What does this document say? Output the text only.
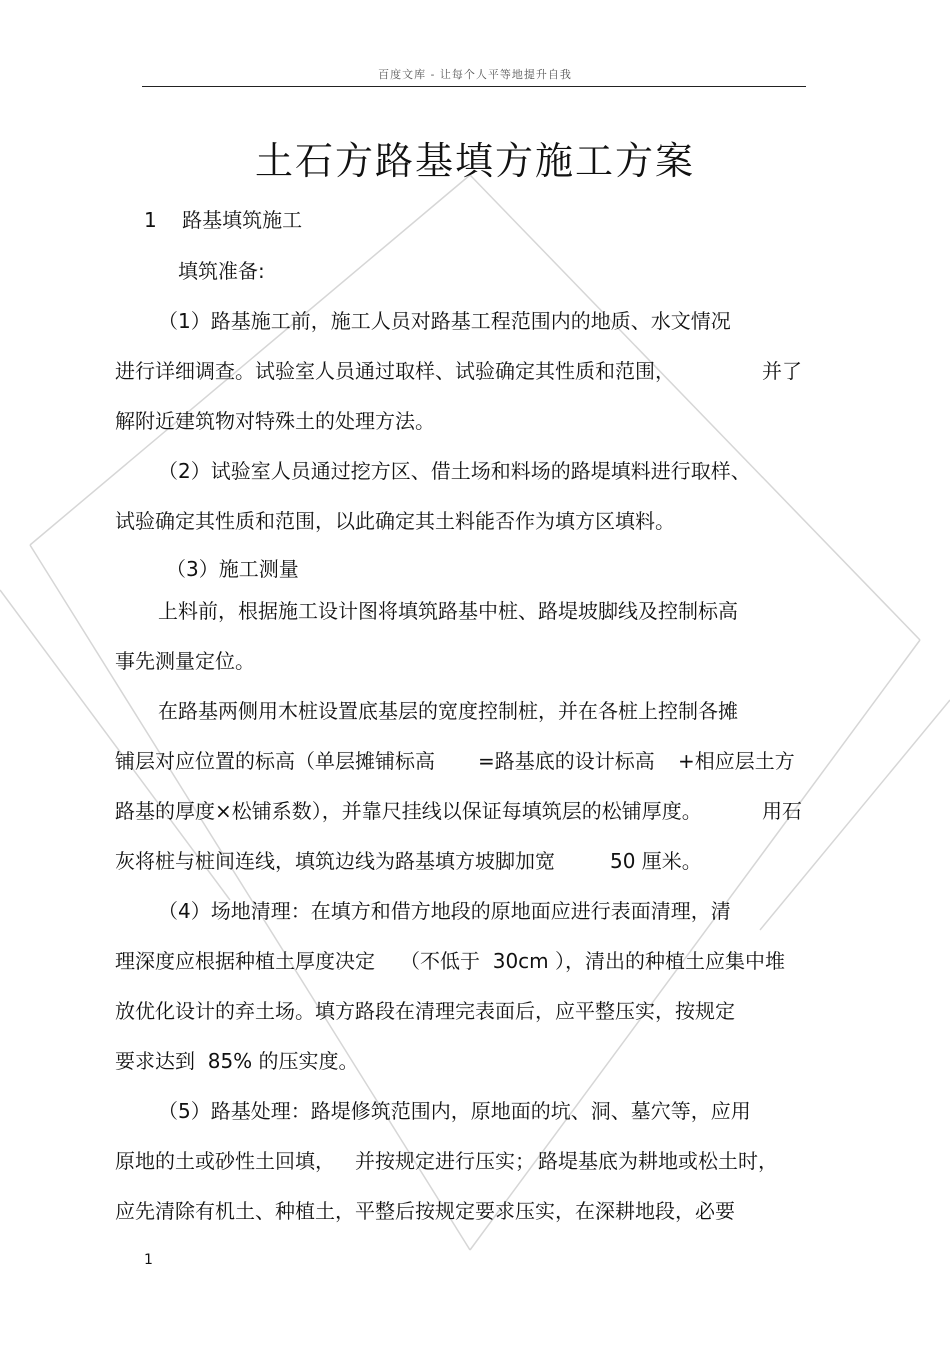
百度文库 - 让每个人平等地提升自我
土石方路基填方施工方案
1    路基填筑施工
填筑准备:
（1）路基施工前，施工人员对路基工程范围内的地质、水文情况
进行详细调查。试验室人员通过取样、试验确定其性质和范围，	并了
解附近建筑物对特殊土的处理方法。
（2）试验室人员通过挖方区、借土场和料场的路堤填料进行取样、
试验确定其性质和范围，以此确定其土料能否作为填方区填料。
（3）施工测量
上料前，根据施工设计图将填筑路基中桩、路堤坡脚线及控制标高
事先测量定位。
在路基两侧用木桩设置底基层的宽度控制桩，并在各桩上控制各摊
铺层对应位置的标高（单层摊铺标高 =路基底的设计标高 +相应层土方
路基的厚度×松铺系数），并靠尺挂线以保证每填筑层的松铺厚度。	用石
灰将桩与桩间连线，填筑边线为路基填方坡脚加宽	50 厘米。
（4）场地清理：在填方和借方地段的原地面应进行表面清理，清
理深度应根据种植土厚度决定 （不低于  30cm ），清出的种植土应集中堆
放优化设计的弃土场。填方路段在清理完表面后，应平整压实，按规定
要求达到  85% 的压实度。
（5）路基处理：路堤修筑范围内，原地面的坑、洞、墓穴等，应用
原地的土或砂性土回填， 并按规定进行压实； 路堤基底为耕地或松土时，
应先清除有机土、种植土，平整后按规定要求压实，在深耕地段，必要
1
